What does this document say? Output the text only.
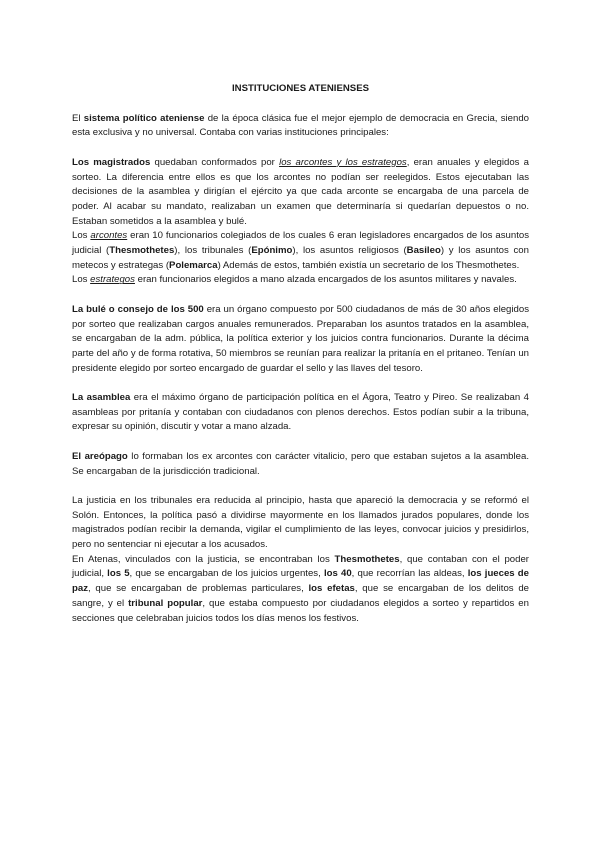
INSTITUCIONES ATENIENSES

El sistema político ateniense de la época clásica fue el mejor ejemplo de democracia en Grecia, siendo esta exclusiva y no universal. Contaba con varias instituciones principales:

Los magistrados quedaban conformados por los arcontes y los estrategos, eran anuales y elegidos a sorteo. La diferencia entre ellos es que los arcontes no podían ser reelegidos. Estos ejecutaban las decisiones de la asamblea y dirigían el ejército ya que cada arconte se encargaba de una parcela de poder. Al acabar su mandato, realizaban un examen que determinaría si quedarían depuestos o no. Estaban sometidos a la asamblea y bulé.

Los arcontes eran 10 funcionarios colegiados de los cuales 6 eran legisladores encargados de los asuntos judicial (Thesmothetes), los tribunales (Epónimo), los asuntos religiosos (Basileo) y los asuntos con metecos y estrategas (Polemarca) Además de estos, también existía un secretario de los Thesmothetes.

Los estrategos eran funcionarios elegidos a mano alzada encargados de los asuntos militares y navales.

La bulé o consejo de los 500 era un órgano compuesto por 500 ciudadanos de más de 30 años elegidos por sorteo que realizaban cargos anuales remunerados. Preparaban los asuntos tratados en la asamblea, se encargaban de la adm. pública, la política exterior y los juicios contra funcionarios. Durante la décima parte del año y de forma rotativa, 50 miembros se reunían para realizar la pritanía en el pritaneo. Tenían un presidente elegido por sorteo encargado de guardar el sello y las llaves del tesoro.

La asamblea era el máximo órgano de participación política en el Ágora, Teatro y Pireo. Se realizaban 4 asambleas por pritanía y contaban con ciudadanos con plenos derechos. Estos podían subir a la tribuna, expresar su opinión, discutir y votar a mano alzada.

El areópago lo formaban los ex arcontes con carácter vitalicio, pero que estaban sujetos a la asamblea. Se encargaban de la jurisdicción tradicional.

La justicia en los tribunales era reducida al principio, hasta que apareció la democracia y se reformó el Solón. Entonces, la política pasó a dividirse mayormente en los llamados jurados populares, donde los magistrados podían recibir la demanda, vigilar el cumplimiento de las leyes, convocar juicios y presidirlos, pero no sentenciar ni ejecutar a los acusados.

En Atenas, vinculados con la justicia, se encontraban los Thesmothetes, que contaban con el poder judicial, los 5, que se encargaban de los juicios urgentes, los 40, que recorrían las aldeas, los jueces de paz, que se encargaban de problemas particulares, los efetas, que se encargaban de los delitos de sangre, y el tribunal popular, que estaba compuesto por ciudadanos elegidos a sorteo y repartidos en secciones que celebraban juicios todos los días menos los festivos.
